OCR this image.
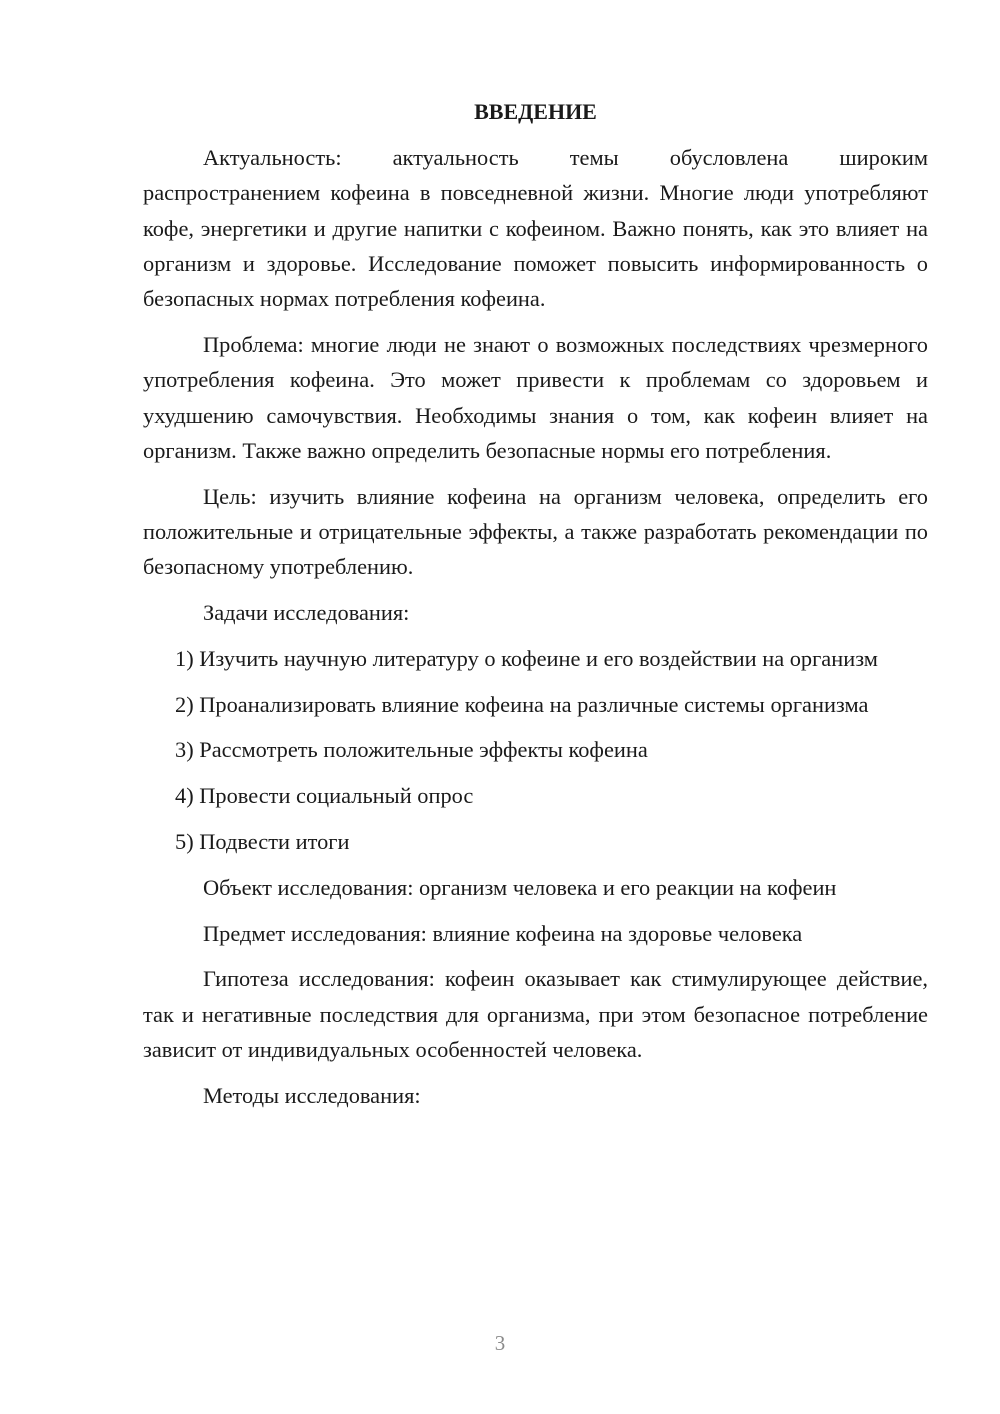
ВВЕДЕНИЕ

Актуальность: актуальность темы обусловлена широким распространением кофеина в повседневной жизни. Многие люди употребляют кофе, энергетики и другие напитки с кофеином. Важно понять, как это влияет на организм и здоровье. Исследование поможет повысить информированность о безопасных нормах потребления кофеина.

Проблема: многие люди не знают о возможных последствиях чрезмерного употребления кофеина. Это может привести к проблемам со здоровьем и ухудшению самочувствия. Необходимы знания о том, как кофеин влияет на организм. Также важно определить безопасные нормы его потребления.

Цель: изучить влияние кофеина на организм человека, определить его положительные и отрицательные эффекты, а также разработать рекомендации по безопасному употреблению.

Задачи исследования:

1) Изучить научную литературу о кофеине и его воздействии на организм

2) Проанализировать влияние кофеина на различные системы организма

3) Рассмотреть положительные эффекты кофеина

4) Провести социальный опрос

5) Подвести итоги

Объект исследования: организм человека и его реакции на кофеин

Предмет исследования: влияние кофеина на здоровье человека

Гипотеза исследования: кофеин оказывает как стимулирующее действие, так и негативные последствия для организма, при этом безопасное потребление зависит от индивидуальных особенностей человека.

Методы исследования:

3
